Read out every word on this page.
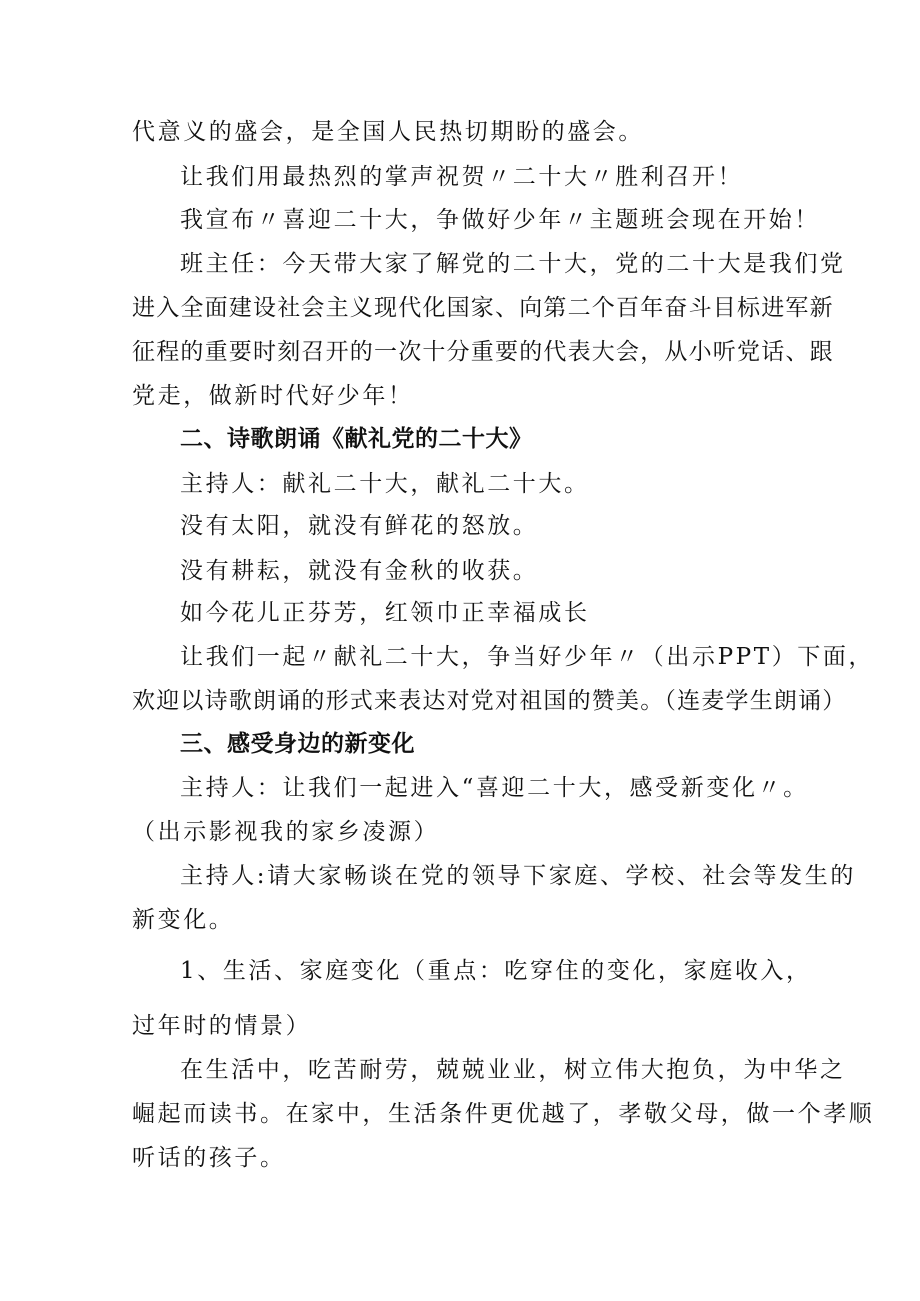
代意义的盛会，是全国人民热切期盼的盛会。
让我们用最热烈的掌声祝贺〃二十大〃胜利召开！
我宣布〃喜迎二十大，争做好少年〃主题班会现在开始！
班主任：今天带大家了解党的二十大，党的二十大是我们党
进入全面建设社会主义现代化国家、向第二个百年奋斗目标进军新
征程的重要时刻召开的一次十分重要的代表大会，从小听党话、跟
党走，做新时代好少年！
二、诗歌朗诵《献礼党的二十大》
主持人：献礼二十大，献礼二十大。
没有太阳，就没有鲜花的怒放。
没有耕耘，就没有金秋的收获。
如今花儿正芬芳，红领巾正幸福成长
让我们一起〃献礼二十大，争当好少年〃（出示PPT）下面，
欢迎以诗歌朗诵的形式来表达对党对祖国的赞美。（连麦学生朗诵）
三、感受身边的新变化
主持人：让我们一起进入“喜迎二十大，感受新变化〃。
（出示影视我的家乡凌源）
主持人:请大家畅谈在党的领导下家庭、学校、社会等发生的
新变化。
1、生活、家庭变化（重点：吃穿住的变化，家庭收入，
过年时的情景）
在生活中，吃苦耐劳，兢兢业业，树立伟大抱负，为中华之
崛起而读书。在家中，生活条件更优越了，孝敬父母，做一个孝顺
听话的孩子。
